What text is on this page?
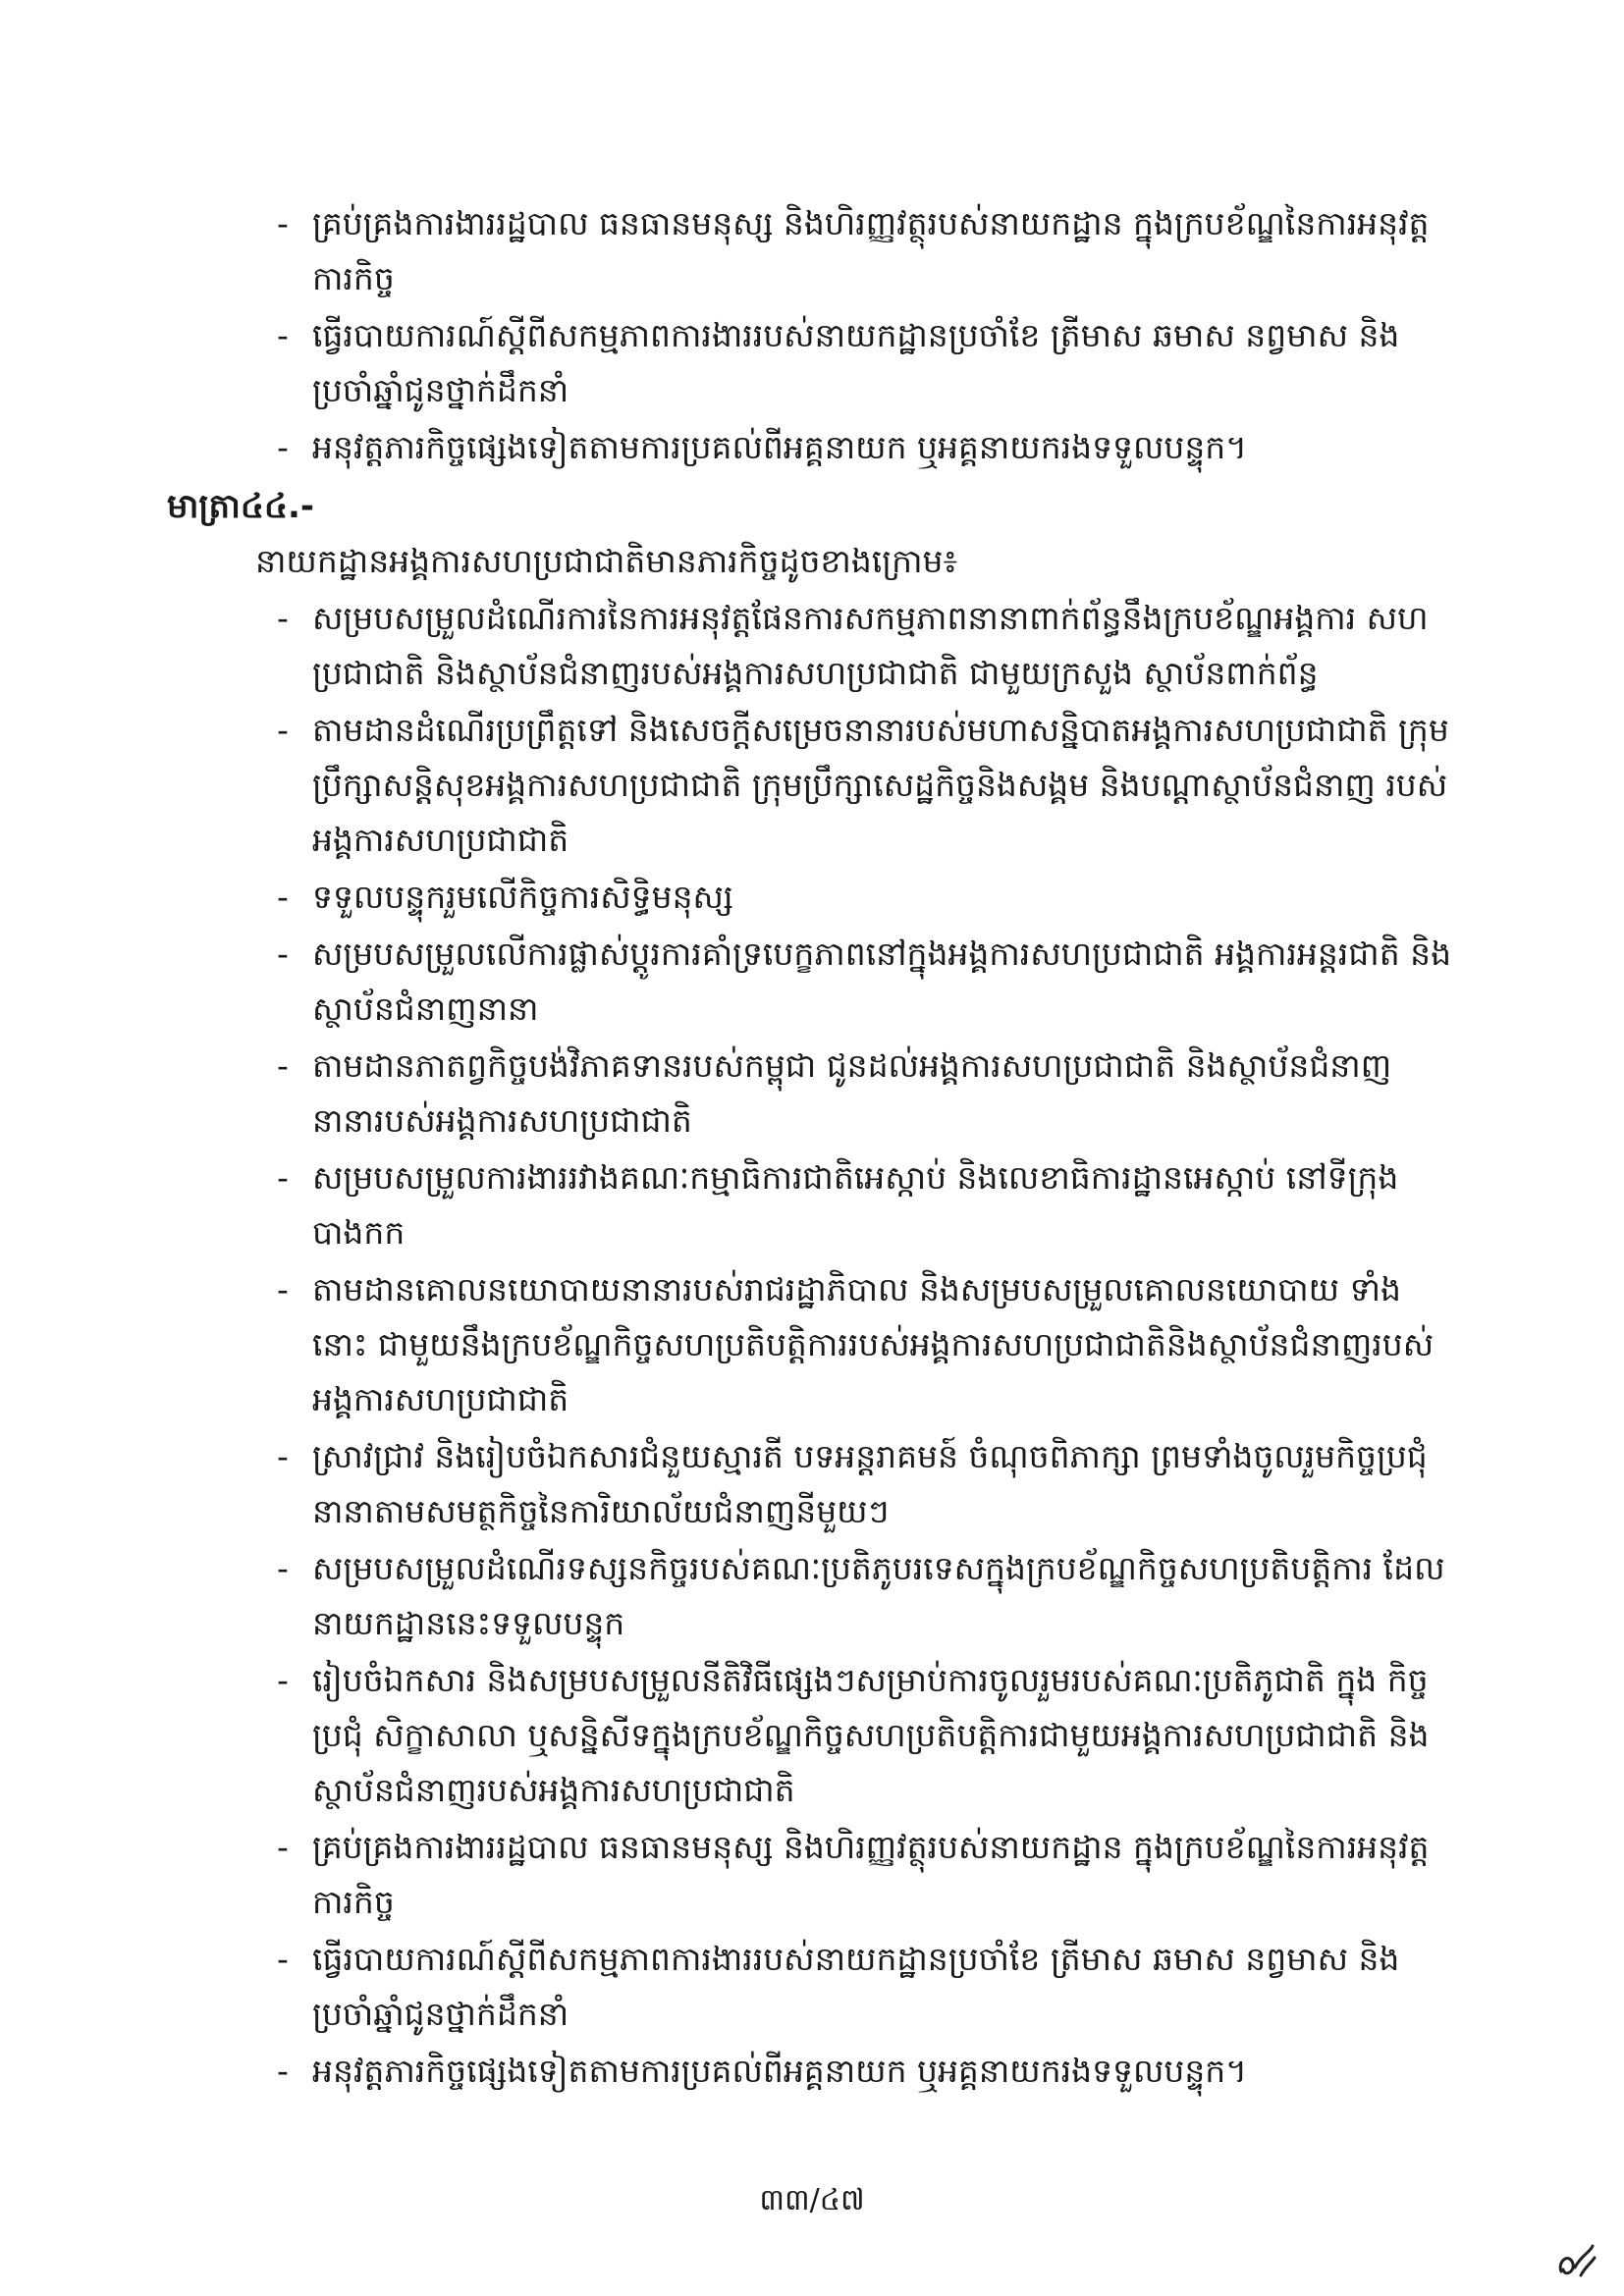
- គ្រប់គ្រងការងាររដ្ឋបាល ធនធានមនុស្ស និងហិរញ្ញវត្ថុរបស់នាយកដ្ឋាន ក្នុងក្របខ័ណ្ឌនៃការអនុវត្ត ការកិច្ច
- ធ្វើរបាយការណ៍ស្តីពីសកម្មភាពការងាររបស់នាយកដ្ឋានប្រចាំខែ ត្រីមាស ឆមាស នព្វមាស និង ប្រចាំឆ្នាំជូនថ្នាក់ដឹកនាំ
- អនុវត្តភារកិច្ចផ្សេងទៀតតាមការប្រគល់ពីអគ្គនាយក ឬអគ្គនាយករងទទួលបន្ទុក។
មាត្រា៤៤.-
នាយកដ្ឋានអង្គការសហប្រជាជាតិមានភារកិច្ចដូចខាងក្រោម៖
- សម្របសម្រួលដំណើរការនៃការអនុវត្តផែនការសកម្មភាពនានាពាក់ព័ន្ធនឹងក្របខ័ណ្ឌអង្គការ សហប្រជាជាតិ និងស្ថាប័នជំនាញរបស់អង្គការសហប្រជាជាតិ ជាមួយក្រសួង ស្ថាប័នពាក់ព័ន្ធ
- តាមដានដំណើរប្រព្រឹត្តទៅ និងសេចក្តីសម្រេចនានារបស់មហាសន្និបាតអង្គការសហប្រជាជាតិ ក្រុមប្រឹក្សាសន្តិសុខអង្គការសហប្រជាជាតិ ក្រុមប្រឹក្សាសេដ្ឋកិច្ចនិងសង្គម និងបណ្តាស្ថាប័នជំនាញ របស់អង្គការសហប្រជាជាតិ
- ទទួលបន្ទុករួមលើកិច្ចការសិទ្ធិមនុស្ស
- សម្របសម្រួលលើការផ្លាស់ប្តូរការគាំទ្របេក្ខភាពនៅក្នុងអង្គការសហប្រជាជាតិ អង្គការអន្តរជាតិ និងស្ថាប័នជំនាញនានា
- តាមដានភាតព្វកិច្ចបង់វិភាគទានរបស់កម្ពុជា ជូនដល់អង្គការសហប្រជាជាតិ និងស្ថាប័នជំនាញ នានារបស់អង្គការសហប្រជាជាតិ
- សម្របសម្រួលការងាររវាងគណៈកម្មាធិការជាតិអេស្កាប់ និងលេខាធិការដ្ឋានអេស្កាប់ នៅទីក្រុង បាងកក
- តាមដានគោលនយោបាយនានារបស់រាជរដ្ឋាភិបាល និងសម្របសម្រួលគោលនយោបាយ ទាំងនោះ ជាមួយនឹងក្របខ័ណ្ឌកិច្ចសហប្រតិបត្តិការរបស់អង្គការសហប្រជាជាតិនិងស្ថាប័នជំនាញរបស់ អង្គការសហប្រជាជាតិ
- ស្រាវជ្រាវ និងរៀបចំឯកសារជំនួយស្មារតី បទអន្តរាគមន៍ ចំណុចពិភាក្សា ព្រមទាំងចូលរួមកិច្ចប្រជុំ នានាតាមសមត្ថកិច្ចនៃការិយាល័យជំនាញនីមួយៗ
- សម្របសម្រួលដំណើរទស្សនកិច្ចរបស់គណៈប្រតិភូបរទេសក្នុងក្របខ័ណ្ឌកិច្ចសហប្រតិបត្តិការ ដែលនាយកដ្ឋាននេះទទួលបន្ទុក
- រៀបចំឯកសារ និងសម្របសម្រួលនីតិវិធីផ្សេងៗសម្រាប់ការចូលរួមរបស់គណៈប្រតិភូជាតិ ក្នុង កិច្ចប្រជុំ សិក្ខាសាលា ឬសន្និសីទក្នុងក្របខ័ណ្ឌកិច្ចសហប្រតិបត្តិការជាមួយអង្គការសហប្រជាជាតិ និងស្ថាប័នជំនាញរបស់អង្គការសហប្រជាជាតិ
- គ្រប់គ្រងការងាររដ្ឋបាល ធនធានមនុស្ស និងហិរញ្ញវត្ថុរបស់នាយកដ្ឋាន ក្នុងក្របខ័ណ្ឌនៃការអនុវត្ត ការកិច្ច
- ធ្វើរបាយការណ៍ស្តីពីសកម្មភាពការងាររបស់នាយកដ្ឋានប្រចាំខែ ត្រីមាស ឆមាស នព្វមាស និង ប្រចាំឆ្នាំជូនថ្នាក់ដឹកនាំ
- អនុវត្តភារកិច្ចផ្សេងទៀតតាមការប្រគល់ពីអគ្គនាយក ឬអគ្គនាយករងទទួលបន្ទុក។
៣៣/៤៧
